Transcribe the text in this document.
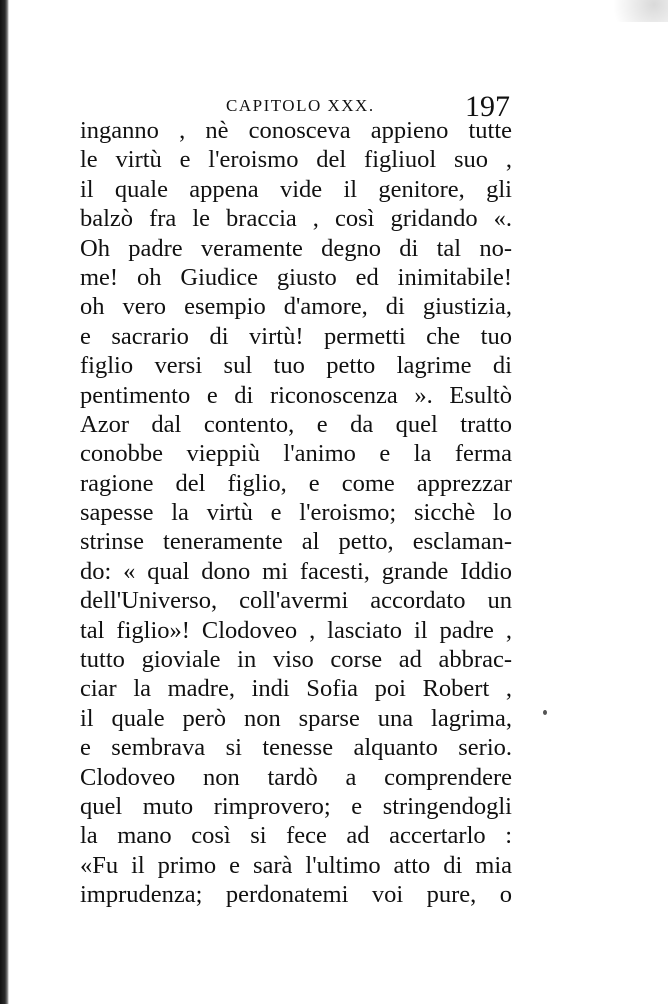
CAPITOLO XXX.	197
inganno , nè conosceva appieno tutte
le virtù e l'eroismo del figliuol suo ,
il quale appena vide il genitore, gli
balzò fra le braccia , così gridando «.
Oh padre veramente degno di tal no-
me! oh Giudice giusto ed inimitabile!
oh vero esempio d'amore, di giustizia,
e sacrario di virtù! permetti che tuo
figlio versi sul tuo petto lagrime di
pentimento e di riconoscenza ». Esultò
Azor dal contento, e da quel tratto
conobbe vieppiù l'animo e la ferma
ragione del figlio, e come apprezzar
sapesse la virtù e l'eroismo; sicchè lo
strinse teneramente al petto, esclaman-
do: « qual dono mi facesti, grande Iddio
dell'Universo, coll'avermi accordato un
tal figlio»! Clodoveo , lasciato il padre ,
tutto gioviale in viso corse ad abbrac-
ciar la madre, indi Sofia poi Robert ,
il quale però non sparse una lagrima,
e sembrava si tenesse alquanto serio.
Clodoveo non tardò a comprendere
quel muto rimprovero; e stringendogli
la mano così si fece ad accertarlo :
«Fu il primo e sarà l'ultimo atto di mia
imprudenza; perdonatemi voi pure, o
